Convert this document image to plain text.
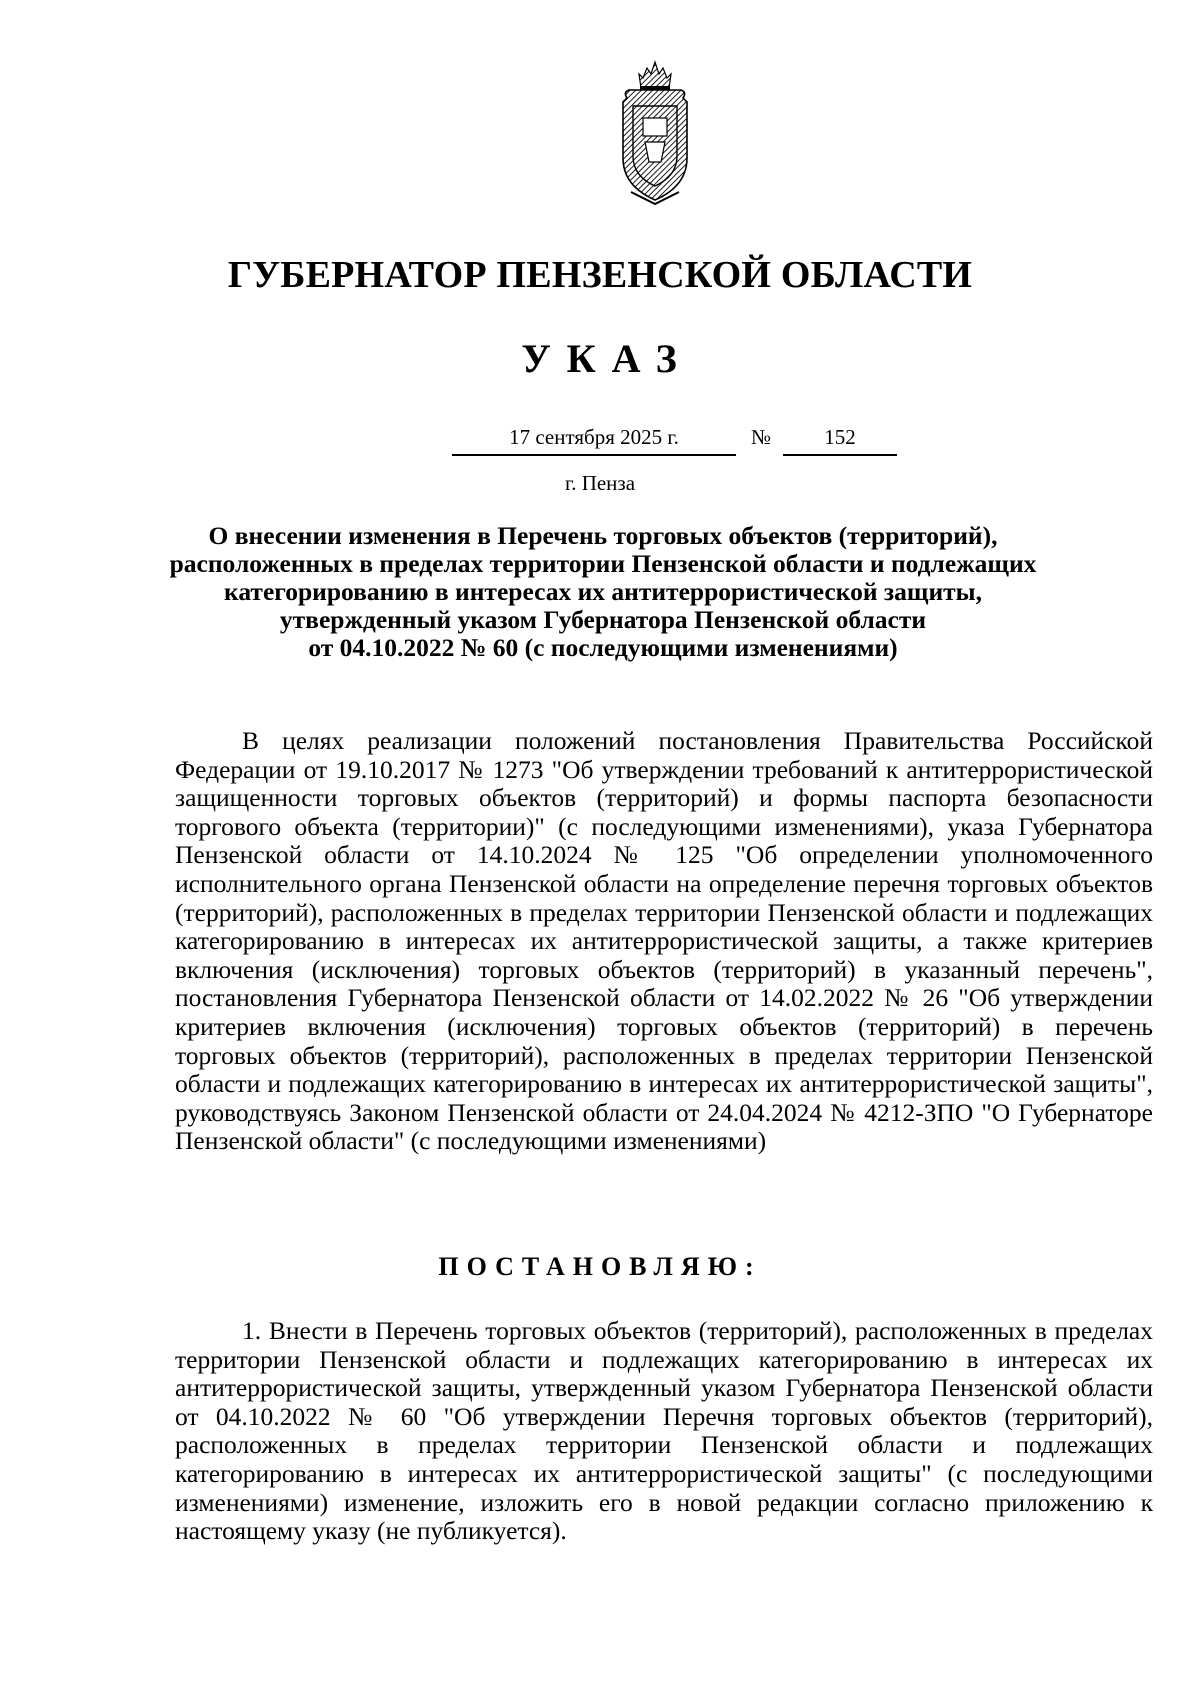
ГУБЕРНАТОР ПЕНЗЕНСКОЙ ОБЛАСТИ
УКАЗ
17 сентября 2025 г.	№	152
г. Пенза
О внесении изменения в Перечень торговых объектов (территорий),
расположенных в пределах территории Пензенской области и подлежащих
категорированию в интересах их антитеррористической защиты,
утвержденный указом Губернатора Пензенской области
от 04.10.2022 № 60 (с последующими изменениями)
В целях реализации положений постановления Правительства Российской Федерации от 19.10.2017 № 1273 "Об утверждении требований к антитеррористической защищенности торговых объектов (территорий) и формы паспорта безопасности торгового объекта (территории)" (с последующими изменениями), указа Губернатора Пензенской области от 14.10.2024 № 125 "Об определении уполномоченного исполнительного органа Пензенской области на определение перечня торговых объектов (территорий), расположенных в пределах территории Пензенской области и подлежащих категорированию в интересах их антитеррористической защиты, а также критериев включения (исключения) торговых объектов (территорий) в указанный перечень", постановления Губернатора Пензенской области от 14.02.2022 № 26 "Об утверждении критериев включения (исключения) торговых объектов (территорий) в перечень торговых объектов (территорий), расположенных в пределах территории Пензенской области и подлежащих категорированию в интересах их антитеррористической защиты", руководствуясь Законом Пензенской области от 24.04.2024 № 4212-ЗПО "О Губернаторе Пензенской области" (с последующими изменениями)
ПОСТАНОВЛЯЮ:
1. Внести в Перечень торговых объектов (территорий), расположенных в пределах территории Пензенской области и подлежащих категорированию в интересах их антитеррористической защиты, утвержденный указом Губернатора Пензенской области от 04.10.2022 № 60 "Об утверждении Перечня торговых объектов (территорий), расположенных в пределах территории Пензенской области и подлежащих категорированию в интересах их антитеррористической защиты" (с последующими изменениями) изменение, изложить его в новой редакции согласно приложению к настоящему указу (не публикуется).
